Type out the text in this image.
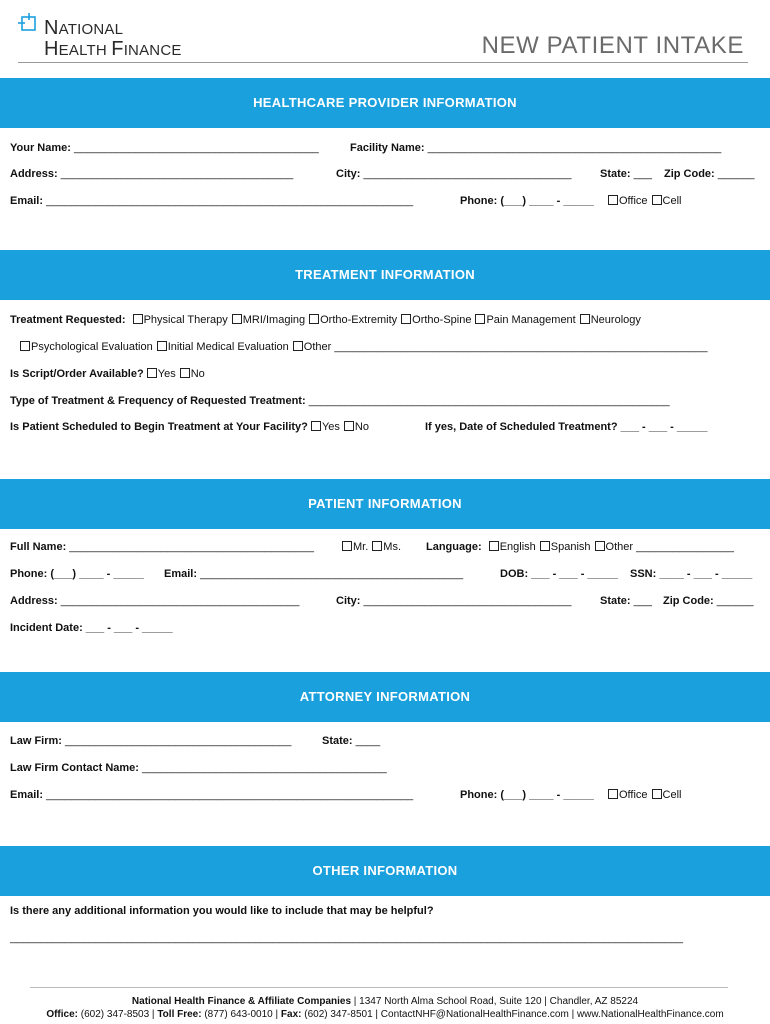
NATIONAL
HEALTH FINANCE	NEW PATIENT INTAKE
HEALTHCARE PROVIDER INFORMATION
Your Name: ________________________________________	Facility Name: ________________________________________________
Address: ______________________________________	City: __________________________________	State: ___ Zip Code: ______
Email: ____________________________________________________________	Phone: (___) ____ - _____	Office Cell
TREATMENT INFORMATION
Treatment Requested: Physical Therapy MRI/Imaging Ortho-Extremity Ortho-Spine Pain Management Neurology
Psychological Evaluation Initial Medical Evaluation Other _____________________________________________________________
Is Script/Order Available? Yes No
Type of Treatment & Frequency of Requested Treatment: ___________________________________________________________
Is Patient Scheduled to Begin Treatment at Your Facility? Yes No	If yes, Date of Scheduled Treatment? ___ - ___ - _____
PATIENT INFORMATION
Full Name: ________________________________________	Mr. Ms. Language: English Spanish Other ________________
Phone: (___) ____ - _____ Email: ___________________________________________	DOB: ___ - ___ - _____ SSN: ____ - ___ - _____
Address: _______________________________________	City: __________________________________	State: ___ Zip Code: ______
Incident Date: ___ - ___ - _____
ATTORNEY INFORMATION
Law Firm: _____________________________________	State: ____
Law Firm Contact Name: ________________________________________
Email: ____________________________________________________________	Phone: (___) ____ - _____	Office Cell
OTHER INFORMATION
Is there any additional information you would like to include that may be helpful?
______________________________________________________________________________________________________________
National Health Finance & Affiliate Companies | 1347 North Alma School Road, Suite 120 | Chandler, AZ 85224
Office: (602) 347-8503 | Toll Free: (877) 643-0010 | Fax: (602) 347-8501 | ContactNHF@NationalHealthFinance.com | www.NationalHealthFinance.com
